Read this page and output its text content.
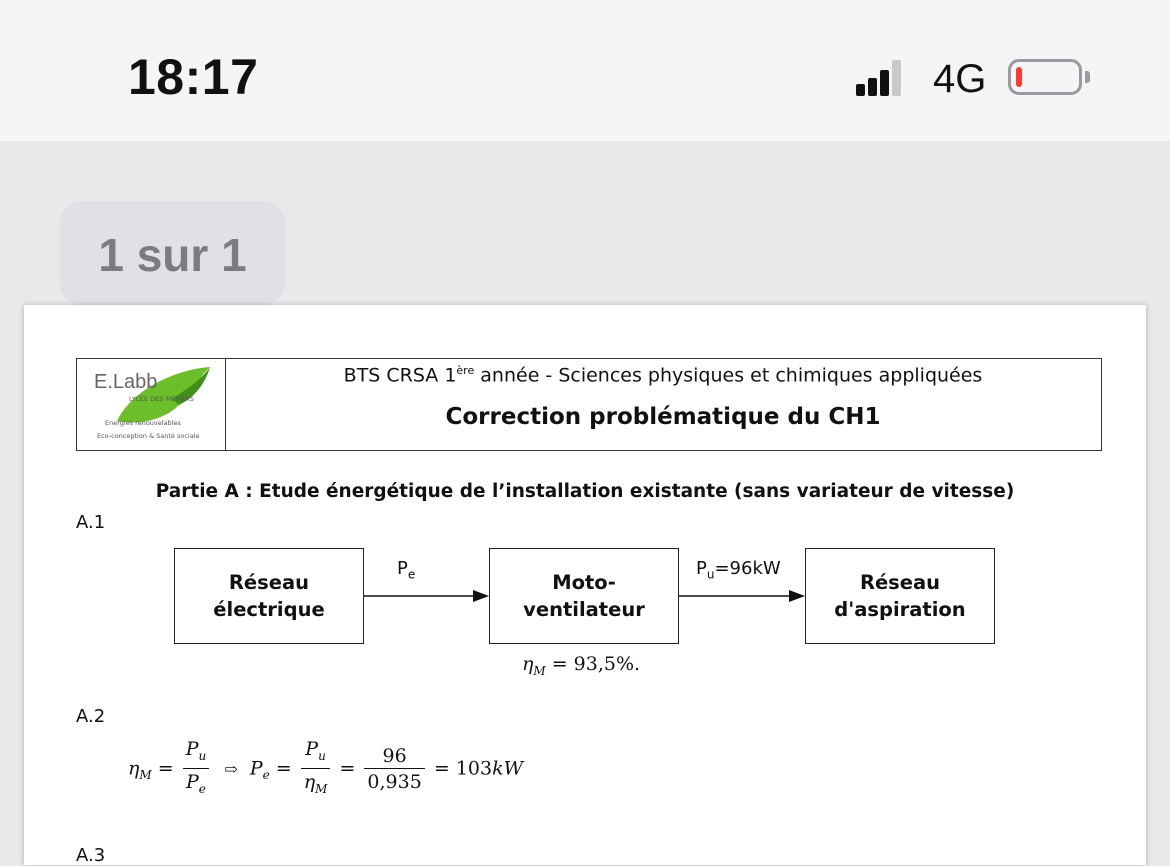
18:17	4G
1 sur 1
E.Labb
LYCÉE DES MÉTIERS
Energies renouvelables
Eco-conception & Santé sociale
BTS CRSA 1ère année - Sciences physiques et chimiques appliquées
Correction problématique du CH1
Partie A : Etude énergétique de l’installation existante (sans variateur de vitesse)
A.1
Réseau
électrique
Moto-
ventilateur
Réseau
d'aspiration
$P_e$	$P_u=96kW$
$\eta_M = 93,5\%$.
A.2
$\eta_M = \frac{P_u}{P_e}$ ⇨ $P_e = \frac{P_u}{\eta_M} = \frac{96}{0,935} = 103kW$
A.3
